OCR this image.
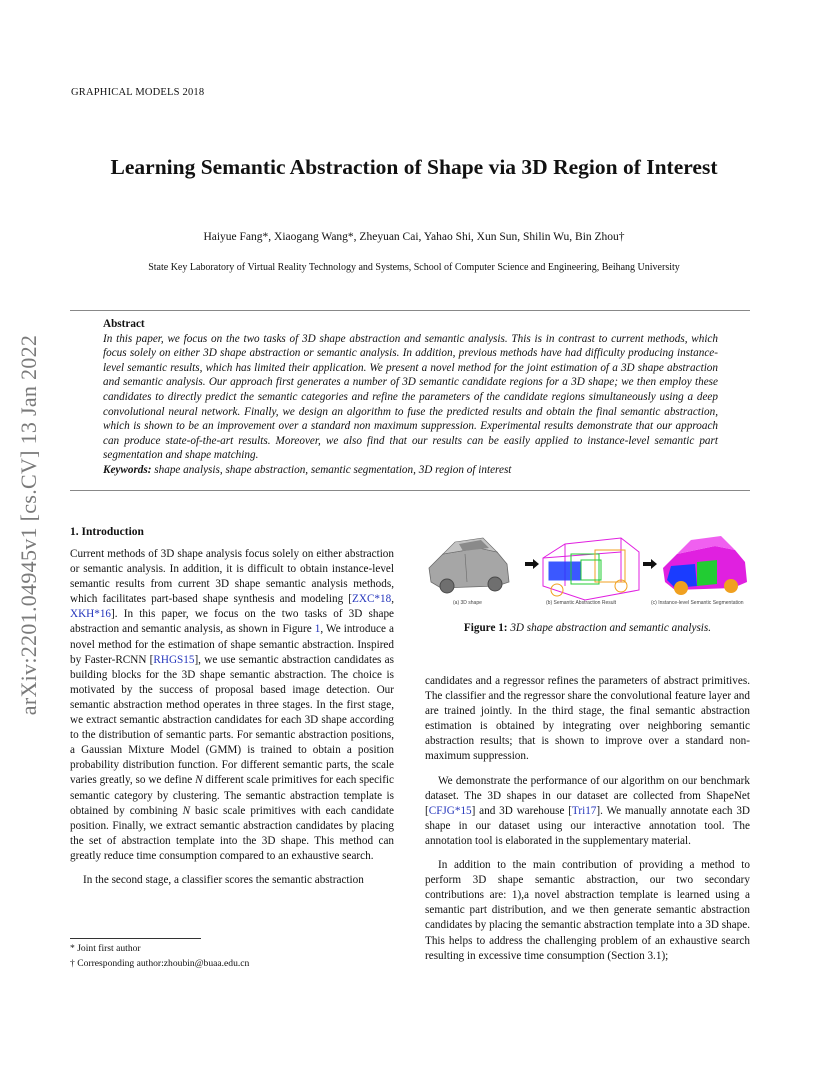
GRAPHICAL MODELS 2018
Learning Semantic Abstraction of Shape via 3D Region of Interest
Haiyue Fang*, Xiaogang Wang*, Zheyuan Cai, Yahao Shi, Xun Sun, Shilin Wu, Bin Zhou†
State Key Laboratory of Virtual Reality Technology and Systems, School of Computer Science and Engineering, Beihang University
arXiv:2201.04945v1 [cs.CV] 13 Jan 2022
Abstract
In this paper, we focus on the two tasks of 3D shape abstraction and semantic analysis. This is in contrast to current methods, which focus solely on either 3D shape abstraction or semantic analysis. In addition, previous methods have had difficulty producing instance-level semantic results, which has limited their application. We present a novel method for the joint estimation of a 3D shape abstraction and semantic analysis. Our approach first generates a number of 3D semantic candidate regions for a 3D shape; we then employ these candidates to directly predict the semantic categories and refine the parameters of the candidate regions simultaneously using a deep convolutional neural network. Finally, we design an algorithm to fuse the predicted results and obtain the final semantic abstraction, which is shown to be an improvement over a standard non maximum suppression. Experimental results demonstrate that our approach can produce state-of-the-art results. Moreover, we also find that our results can be easily applied to instance-level semantic part segmentation and shape matching.
Keywords: shape analysis, shape abstraction, semantic segmentation, 3D region of interest
1. Introduction

Current methods of 3D shape analysis focus solely on either abstraction or semantic analysis. In addition, it is difficult to obtain instance-level semantic results from current 3D shape semantic analysis methods, which facilitates part-based shape synthesis and modeling [ZXC*18, XKH*16]. In this paper, we focus on the two tasks of 3D shape abstraction and semantic analysis, as shown in Figure 1, We introduce a novel method for the estimation of shape semantic abstraction. Inspired by Faster-RCNN [RHGS15], we use semantic abstraction candidates as building blocks for the 3D shape semantic abstraction. The choice is motivated by the success of proposal based image detection. Our semantic abstraction method operates in three stages. In the first stage, we extract semantic abstraction candidates for each 3D shape according to the distribution of semantic parts. For semantic abstraction positions, a Gaussian Mixture Model (GMM) is trained to obtain a position probability distribution function. For different semantic parts, the scale varies greatly, so we define N different scale primitives for each specific semantic category by clustering. The semantic abstraction template is obtained by combining N basic scale primitives with each candidate position. Finally, we extract semantic abstraction candidates by placing the set of abstraction template into the 3D shape. This method can greatly reduce time consumption compared to an exhaustive search.

In the second stage, a classifier scores the semantic abstraction

* Joint first author
† Corresponding author:zhoubin@buaa.edu.cn
(a) 3D shape	(b) Semantic Abstraction Result	(c) Instance-level Semantic Segmentation
Figure 1: 3D shape abstraction and semantic analysis.

candidates and a regressor refines the parameters of abstract primitives. The classifier and the regressor share the convolutional feature layer and are trained jointly. In the third stage, the final semantic abstraction estimation is obtained by integrating over neighboring semantic abstraction results; that is shown to improve over a standard non-maximum suppression.

We demonstrate the performance of our algorithm on our benchmark dataset. The 3D shapes in our dataset are collected from ShapeNet [CFJG*15] and 3D warehouse [Tri17]. We manually annotate each 3D shape in our dataset using our interactive annotation tool. The annotation tool is elaborated in the supplementary material.

In addition to the main contribution of providing a method to perform 3D shape semantic abstraction, our two secondary contributions are: 1),a novel abstraction template is learned using a semantic part distribution, and we then generate semantic abstraction candidates by placing the semantic abstraction template into a 3D shape. This helps to address the challenging problem of an exhaustive search resulting in excessive time consumption (Section 3.1);
